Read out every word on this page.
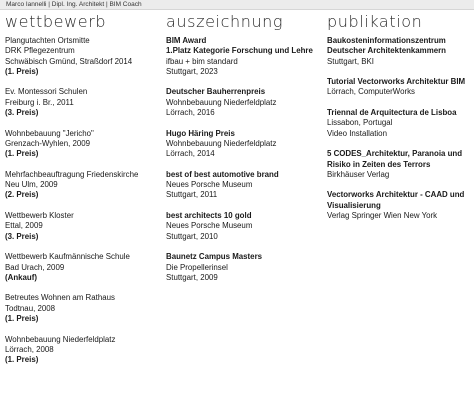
Marco Iannelli | Dipl. Ing. Architekt | BIM Coach
wettbewerb
Plangutachten Ortsmitte
DRK Pflegezentrum
Schwäbisch Gmünd, Straßdorf 2014
(1. Preis)
Ev. Montessori Schulen
Freiburg i. Br., 2011
(3. Preis)
Wohnbebauung "Jericho"
Grenzach-Wyhlen, 2009
(1. Preis)
Mehrfachbeauftragung Friedenskirche
Neu Ulm, 2009
(2. Preis)
Wettbewerb Kloster
Ettal, 2009
(3. Preis)
Wettbewerb Kaufmännische Schule
Bad Urach, 2009
(Ankauf)
Betreutes Wohnen am Rathaus
Todtnau, 2008
(1. Preis)
Wohnbebauung Niederfeldplatz
Lörrach, 2008
(1. Preis)
auszeichnung
BIM Award
1.Platz Kategorie Forschung und Lehre
ifbau + bim standard
Stuttgart, 2023
Deutscher Bauherrenpreis
Wohnbebauung Niederfeldplatz
Lörrach, 2016
Hugo Häring Preis
Wohnbebauung Niederfeldplatz
Lörrach, 2014
best of best automotive brand
Neues Porsche Museum
Stuttgart, 2011
best architects 10 gold
Neues Porsche Museum
Stuttgart, 2010
Baunetz Campus Masters
Die Propellerinsel
Stuttgart, 2009
publikation
Baukosteninformationszentrum
Deutscher Architektenkammern
Stuttgart, BKI
Tutorial Vectorworks Architektur BIM
Lörrach, ComputerWorks
Triennal de Arquitectura de Lisboa
Lissabon, Portugal
Video Installation
5 CODES_Architektur, Paranoia und
Risiko in Zeiten des Terrors
Birkhäuser Verlag
Vectorworks Architektur - CAAD und
Visualisierung
Verlag Springer Wien New York
